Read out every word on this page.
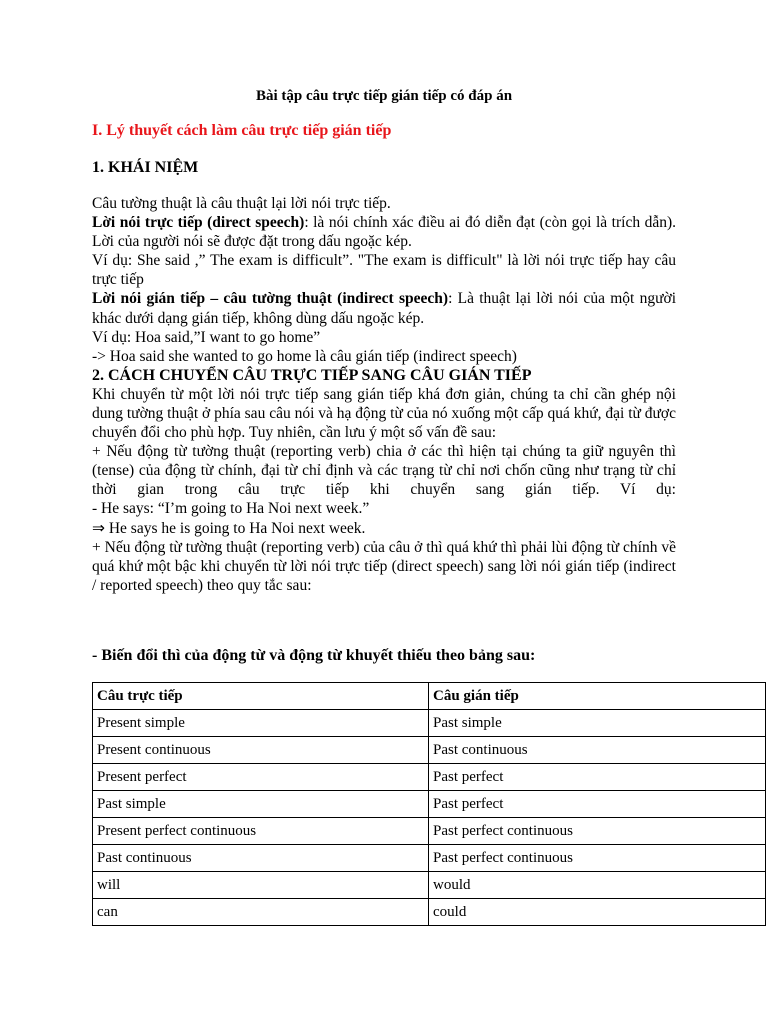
Bài tập câu trực tiếp gián tiếp có đáp án
I. Lý thuyết cách làm câu trực tiếp gián tiếp
1. KHÁI NIỆM

Câu tường thuật là câu thuật lại lời nói trực tiếp.

Lời nói trực tiếp (direct speech): là nói chính xác điều ai đó diễn đạt (còn gọi là trích dẫn). Lời của người nói sẽ được đặt trong dấu ngoặc kép.

Ví dụ: She said ,” The exam is difficult”. "The exam is difficult" là lời nói trực tiếp hay câu trực tiếp

Lời nói gián tiếp – câu tường thuật (indirect speech): Là thuật lại lời nói của một người khác dưới dạng gián tiếp, không dùng dấu ngoặc kép.

Ví dụ: Hoa said,”I want to go home”

-> Hoa said she wanted to go home là câu gián tiếp (indirect speech)

2. CÁCH CHUYỂN CÂU TRỰC TIẾP SANG CÂU GIÁN TIẾP

Khi chuyển từ một lời nói trực tiếp sang gián tiếp khá đơn giản, chúng ta chỉ cần ghép nội dung tường thuật ở phía sau câu nói và hạ động từ của nó xuống một cấp quá khứ, đại từ được chuyển đổi cho phù hợp. Tuy nhiên, cần lưu ý một số vấn đề sau:

+ Nếu động từ tường thuật (reporting verb) chia ở các thì hiện tại chúng ta giữ nguyên thì (tense) của động từ chính, đại từ chỉ định và các trạng từ chỉ nơi chốn cũng như trạng từ chỉ thời gian trong câu trực tiếp khi chuyển sang gián tiếp. Ví dụ:

- He says: “I’m going to Ha Noi next week.”

⇒ He says he is going to Ha Noi next week.

+ Nếu động từ tường thuật (reporting verb) của câu ở thì quá khứ thì phải lùi động từ chính về quá khứ một bậc khi chuyển từ lời nói trực tiếp (direct speech) sang lời nói gián tiếp (indirect / reported speech) theo quy tắc sau:

- Biến đổi thì của động từ và động từ khuyết thiếu theo bảng sau:
Câu trực tiếp	Câu gián tiếp
Present simple	Past simple
Present continuous	Past continuous
Present perfect	Past perfect
Past simple	Past perfect
Present perfect continuous	Past perfect continuous
Past continuous	Past perfect continuous
will	would
can	could
